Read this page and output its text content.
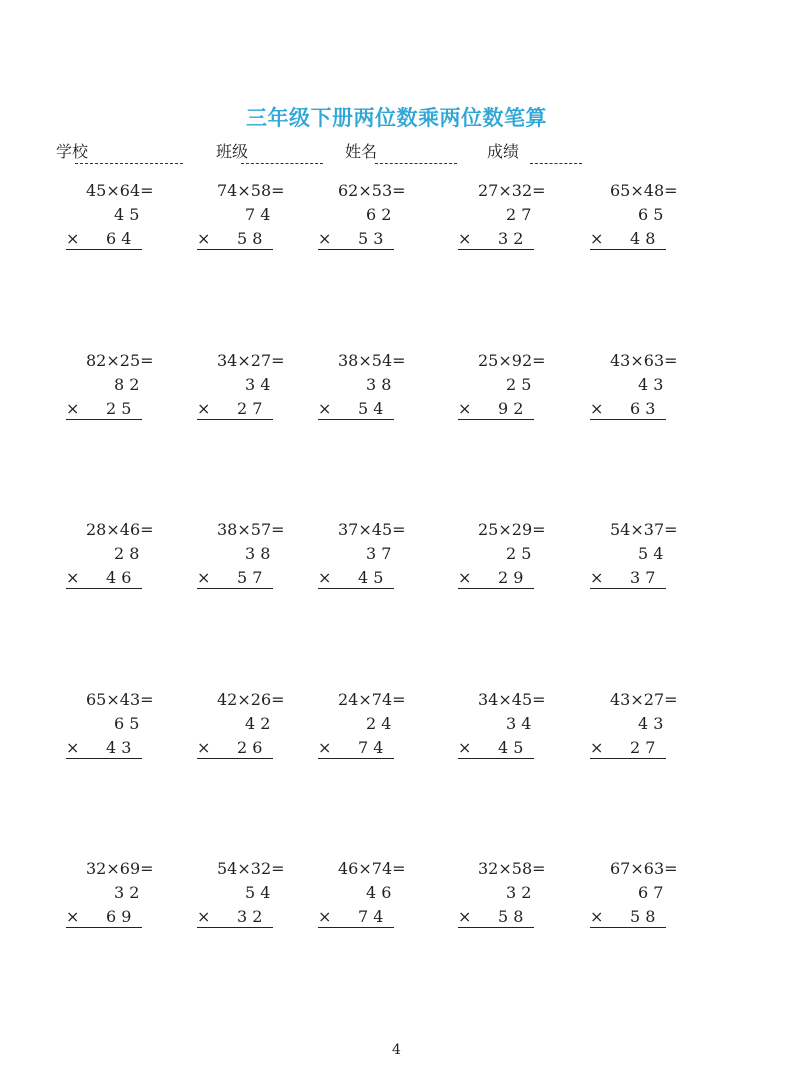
三年级下册两位数乘两位数笔算
学校	班级	姓名	成绩
45×64=
4 5
× 6 4
74×58=
7 4
× 5 8
62×53=
6 2
× 5 3
27×32=
2 7
× 3 2
65×48=
6 5
× 4 8
82×25=
8 2
× 2 5
34×27=
3 4
× 2 7
38×54=
3 8
× 5 4
25×92=
2 5
× 9 2
43×63=
4 3
× 6 3
28×46=
2 8
× 4 6
38×57=
3 8
× 5 7
37×45=
3 7
× 4 5
25×29=
2 5
× 2 9
54×37=
5 4
× 3 7
65×43=
6 5
× 4 3
42×26=
4 2
× 2 6
24×74=
2 4
× 7 4
34×45=
3 4
× 4 5
43×27=
4 3
× 2 7
32×69=
3 2
× 6 9
54×32=
5 4
× 3 2
46×74=
4 6
× 7 4
32×58=
3 2
× 5 8
67×63=
6 7
× 5 8
4
